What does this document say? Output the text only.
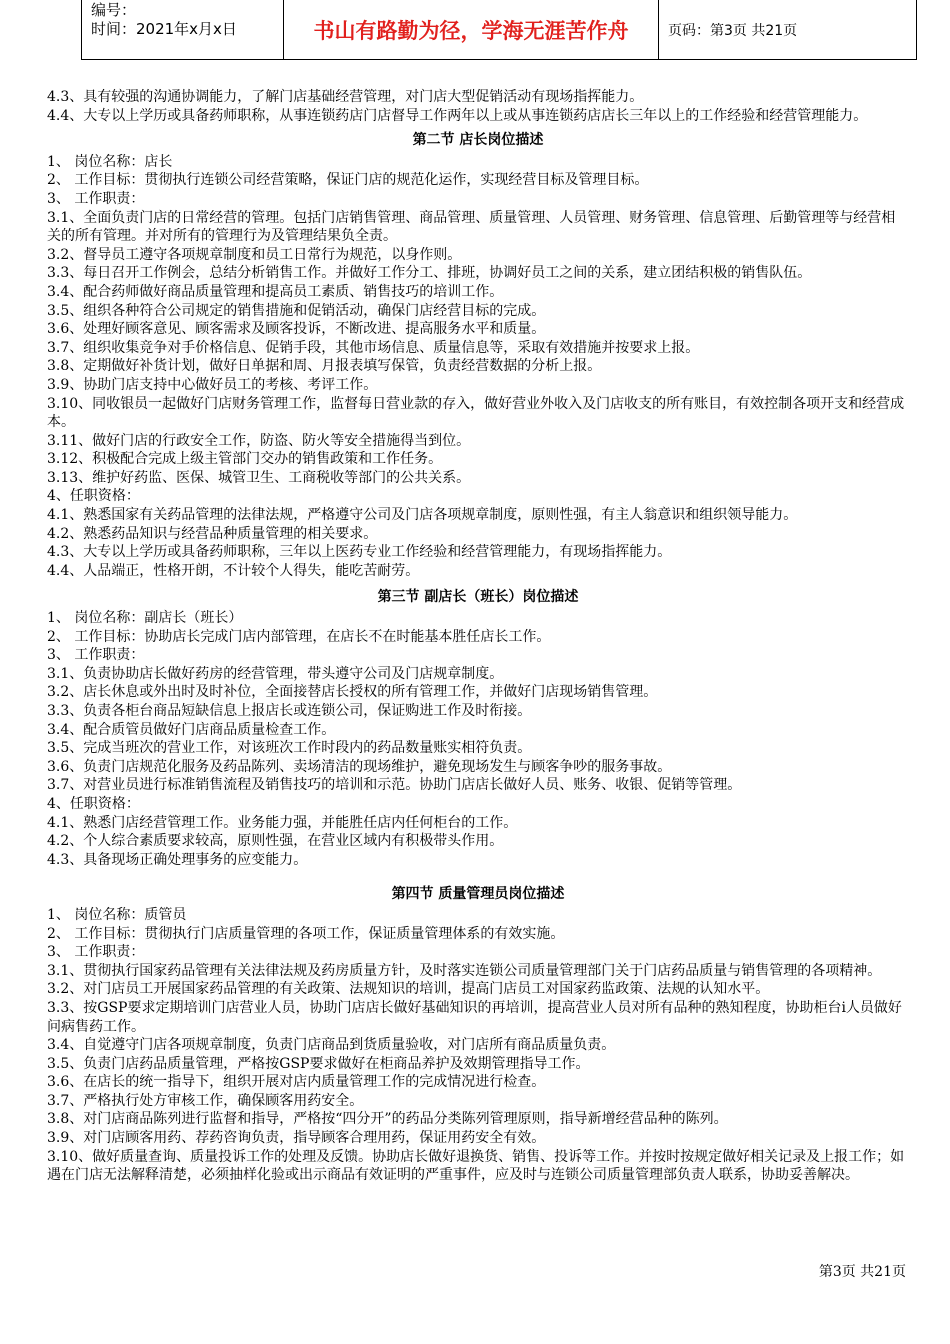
编号：
时间：2021年x月x日	书山有路勤为径，学海无涯苦作舟	页码：第3页 共21页

4.3、具有较强的沟通协调能力，了解门店基础经营管理，对门店大型促销活动有现场指挥能力。

4.4、大专以上学历或具备药师职称，从事连锁药店门店督导工作两年以上或从事连锁药店店长三年以上的工作经验和经营管理能力。

第二节 店长岗位描述

1、 岗位名称：店长

2、 工作目标：贯彻执行连锁公司经营策略，保证门店的规范化运作，实现经营目标及管理目标。

3、 工作职责：

3.1、全面负责门店的日常经营的管理。包括门店销售管理、商品管理、质量管理、人员管理、财务管理、信息管理、后勤管理等与经营相关的所有管理。并对所有的管理行为及管理结果负全责。

3.2、督导员工遵守各项规章制度和员工日常行为规范，以身作则。

3.3、每日召开工作例会，总结分析销售工作。并做好工作分工、排班，协调好员工之间的关系，建立团结积极的销售队伍。

3.4、配合药师做好商品质量管理和提高员工素质、销售技巧的培训工作。

3.5、组织各种符合公司规定的销售措施和促销活动，确保门店经营目标的完成。

3.6、处理好顾客意见、顾客需求及顾客投诉，不断改进、提高服务水平和质量。

3.7、组织收集竞争对手价格信息、促销手段，其他市场信息、质量信息等，采取有效措施并按要求上报。

3.8、定期做好补货计划，做好日单据和周、月报表填写保管，负责经营数据的分析上报。

3.9、协助门店支持中心做好员工的考核、考评工作。

3.10、同收银员一起做好门店财务管理工作，监督每日营业款的存入，做好营业外收入及门店收支的所有账目，有效控制各项开支和经营成本。

3.11、做好门店的行政安全工作，防盗、防火等安全措施得当到位。

3.12、积极配合完成上级主管部门交办的销售政策和工作任务。

3.13、维护好药监、医保、城管卫生、工商税收等部门的公共关系。

4、任职资格：

4.1、熟悉国家有关药品管理的法律法规，严格遵守公司及门店各项规章制度，原则性强，有主人翁意识和组织领导能力。

4.2、熟悉药品知识与经营品种质量管理的相关要求。

4.3、大专以上学历或具备药师职称，三年以上医药专业工作经验和经营管理能力，有现场指挥能力。

4.4、人品端正，性格开朗，不计较个人得失，能吃苦耐劳。

第三节 副店长（班长）岗位描述

1、 岗位名称：副店长（班长）

2、 工作目标：协助店长完成门店内部管理，在店长不在时能基本胜任店长工作。

3、 工作职责：

3.1、负责协助店长做好药房的经营管理，带头遵守公司及门店规章制度。

3.2、店长休息或外出时及时补位，全面接替店长授权的所有管理工作，并做好门店现场销售管理。

3.3、负责各柜台商品短缺信息上报店长或连锁公司，保证购进工作及时衔接。

3.4、配合质管员做好门店商品质量检查工作。

3.5、完成当班次的营业工作，对该班次工作时段内的药品数量账实相符负责。

3.6、负责门店规范化服务及药品陈列、卖场清洁的现场维护，避免现场发生与顾客争吵的服务事故。

3.7、对营业员进行标准销售流程及销售技巧的培训和示范。协助门店店长做好人员、账务、收银、促销等管理。

4、任职资格：

4.1、熟悉门店经营管理工作。业务能力强，并能胜任店内任何柜台的工作。

4.2、个人综合素质要求较高，原则性强，在营业区域内有积极带头作用。

4.3、具备现场正确处理事务的应变能力。

第四节 质量管理员岗位描述

1、 岗位名称：质管员

2、 工作目标：贯彻执行门店质量管理的各项工作，保证质量管理体系的有效实施。

3、 工作职责：

3.1、贯彻执行国家药品管理有关法律法规及药房质量方针，及时落实连锁公司质量管理部门关于门店药品质量与销售管理的各项精神。

3.2、对门店员工开展国家药品管理的有关政策、法规知识的培训，提高门店员工对国家药监政策、法规的认知水平。

3.3、按GSP要求定期培训门店营业人员，协助门店店长做好基础知识的再培训，提高营业人员对所有品种的熟知程度，协助柜台i人员做好问病售药工作。

3.4、自觉遵守门店各项规章制度，负责门店商品到货质量验收，对门店所有商品质量负责。

3.5、负责门店药品质量管理，严格按GSP要求做好在柜商品养护及效期管理指导工作。

3.6、在店长的统一指导下，组织开展对店内质量管理工作的完成情况进行检查。

3.7、严格执行处方审核工作，确保顾客用药安全。

3.8、对门店商品陈列进行监督和指导，严格按“四分开”的药品分类陈列管理原则，指导新增经营品种的陈列。

3.9、对门店顾客用药、荐药咨询负责，指导顾客合理用药，保证用药安全有效。

3.10、做好质量查询、质量投诉工作的处理及反馈。协助店长做好退换货、销售、投诉等工作。并按时按规定做好相关记录及上报工作；如遇在门店无法解释清楚，必须抽样化验或出示商品有效证明的严重事件，应及时与连锁公司质量管理部负责人联系，协助妥善解决。

第3页 共21页
